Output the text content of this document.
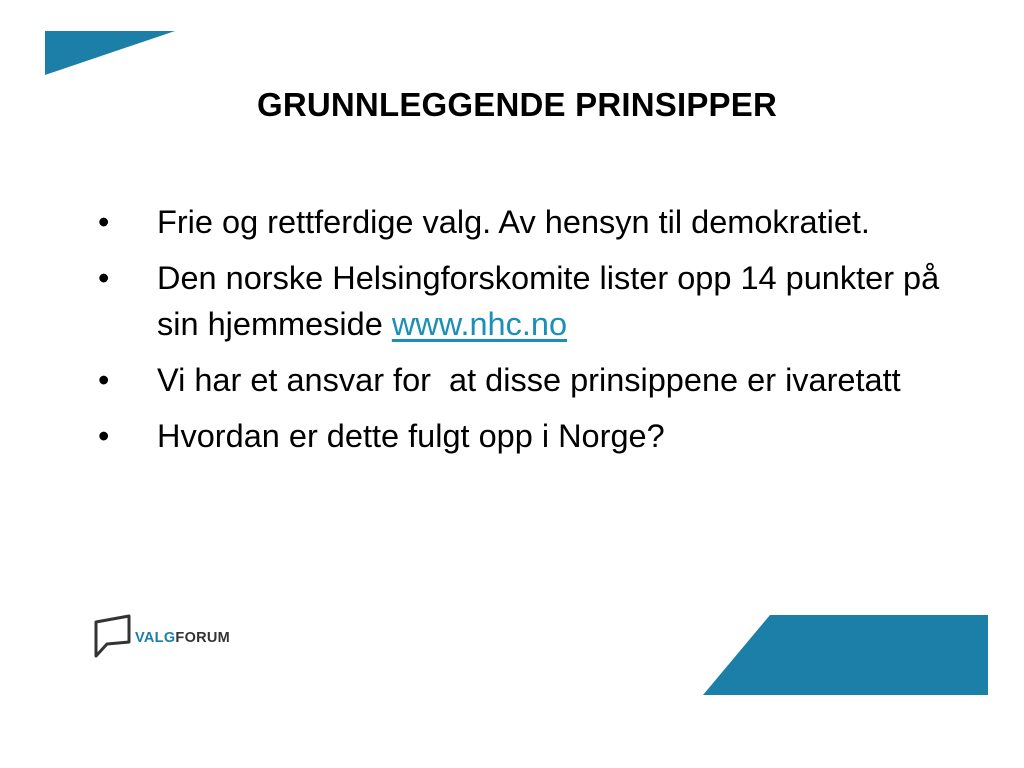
GRUNNLEGGENDE PRINSIPPER
• Frie og rettferdige valg. Av hensyn til demokratiet.
• Den norske Helsingforskomite lister opp 14 punkter på sin hjemmeside www.nhc.no
• Vi har et ansvar for  at disse prinsippene er ivaretatt
• Hvordan er dette fulgt opp i Norge?
VALGFORUM
